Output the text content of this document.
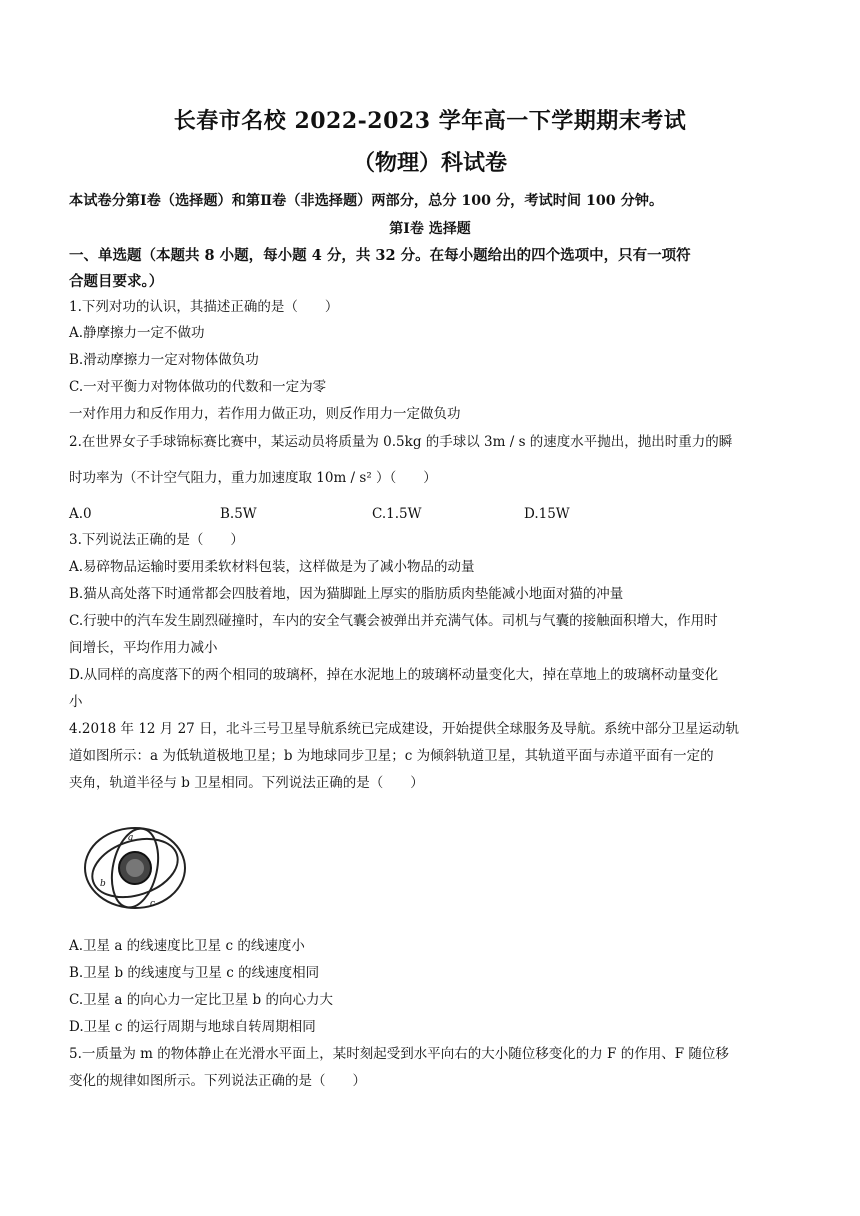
长春市名校 2022-2023 学年高一下学期期末考试
（物理）科试卷
本试卷分第Ⅰ卷（选择题）和第Ⅱ卷（非选择题）两部分，总分 100 分，考试时间 100 分钟。
第Ⅰ卷 选择题
一、单选题（本题共 8 小题，每小题 4 分，共 32 分。在每小题给出的四个选项中，只有一项符
合题目要求。）
1.下列对功的认识，其描述正确的是（　　）
A.静摩擦力一定不做功
B.滑动摩擦力一定对物体做负功
C.一对平衡力对物体做功的代数和一定为零
一对作用力和反作用力，若作用力做正功，则反作用力一定做负功
2.在世界女子手球锦标赛比赛中，某运动员将质量为 0.5kg 的手球以 3m / s 的速度水平抛出，抛出时重力的瞬
时功率为（不计空气阻力，重力加速度取 10m / s² ）（　　）
A.0	B.5W	C.1.5W	D.15W
3.下列说法正确的是（　　）
A.易碎物品运输时要用柔软材料包装，这样做是为了减小物品的动量
B.猫从高处落下时通常都会四肢着地，因为猫脚趾上厚实的脂肪质肉垫能减小地面对猫的冲量
C.行驶中的汽车发生剧烈碰撞时，车内的安全气囊会被弹出并充满气体。司机与气囊的接触面积增大，作用时
间增长，平均作用力减小
D.从同样的高度落下的两个相同的玻璃杯，掉在水泥地上的玻璃杯动量变化大，掉在草地上的玻璃杯动量变化
小
4.2018 年 12 月 27 日，北斗三号卫星导航系统已完成建设，开始提供全球服务及导航。系统中部分卫星运动轨
道如图所示：a 为低轨道极地卫星；b 为地球同步卫星；c 为倾斜轨道卫星，其轨道平面与赤道平面有一定的
夹角，轨道半径与 b 卫星相同。下列说法正确的是（　　）
a
b
c
A.卫星 a 的线速度比卫星 c 的线速度小
B.卫星 b 的线速度与卫星 c 的线速度相同
C.卫星 a 的向心力一定比卫星 b 的向心力大
D.卫星 c 的运行周期与地球自转周期相同
5.一质量为 m 的物体静止在光滑水平面上，某时刻起受到水平向右的大小随位移变化的力 F 的作用、F 随位移
变化的规律如图所示。下列说法正确的是（　　）
